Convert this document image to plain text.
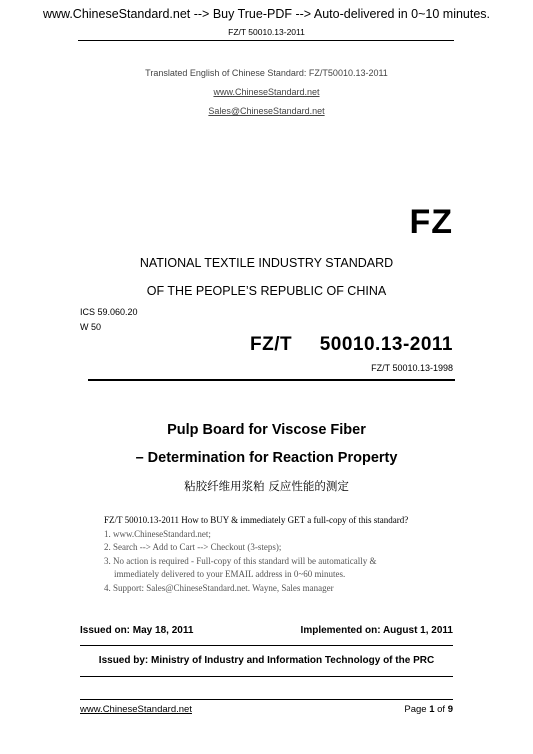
www.ChineseStandard.net --> Buy True-PDF --> Auto-delivered in 0~10 minutes.
FZ/T 50010.13-2011
Translated English of Chinese Standard: FZ/T50010.13-2011
www.ChineseStandard.net
Sales@ChineseStandard.net
FZ
NATIONAL TEXTILE INDUSTRY STANDARD
OF THE PEOPLE’S REPUBLIC OF CHINA
ICS 59.060.20
W 50
FZ/T  50010.13-2011
FZ/T 50010.13-1998
Pulp Board for Viscose Fiber
– Determination for Reaction Property
粘胶纤维用浆粕 反应性能的测定
FZ/T 50010.13-2011 How to BUY & immediately GET a full-copy of this standard?
1. www.ChineseStandard.net;
2. Search --> Add to Cart --> Checkout (3-steps);
3. No action is required - Full-copy of this standard will be automatically &
immediately delivered to your EMAIL address in 0~60 minutes.
4. Support: Sales@ChineseStandard.net. Wayne, Sales manager
Issued on: May 18, 2011	Implemented on: August 1, 2011
Issued by: Ministry of Industry and Information Technology of the PRC
www.ChineseStandard.net	Page 1 of 9
